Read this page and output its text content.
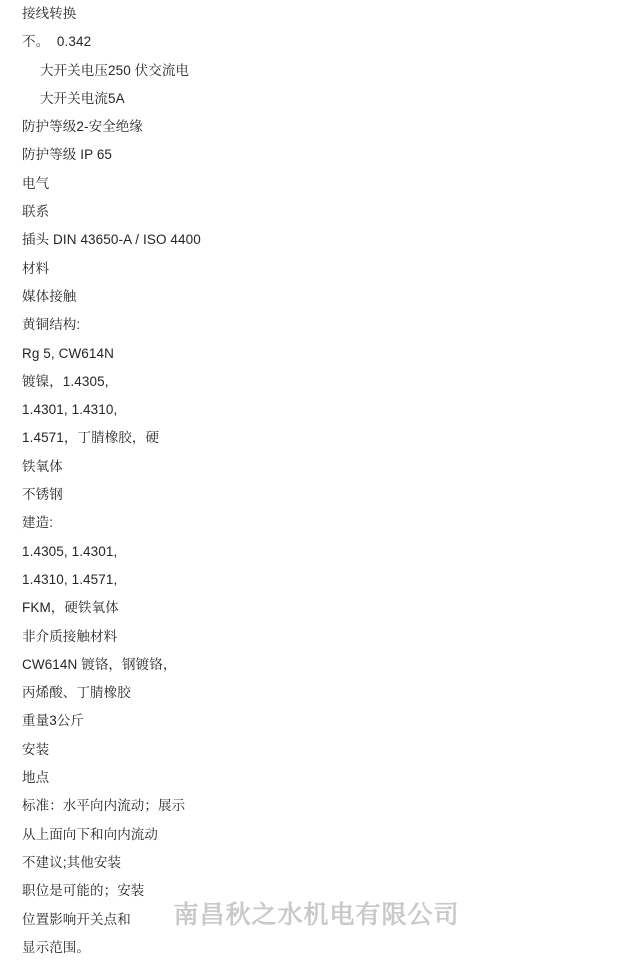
接线转换
不。  0.342
大开关电压250 伏交流电
大开关电流5A
防护等级2-安全绝缘
防护等级 IP 65
电气
联系
插头 DIN 43650-A / ISO 4400
材料
媒体接触
黄铜结构:
Rg 5, CW614N
镀镍，1.4305,
1.4301, 1.4310,
1.4571，丁腈橡胶，硬
铁氧体
不锈钢
建造:
1.4305, 1.4301,
1.4310, 1.4571,
FKM，硬铁氧体
非介质接触材料
CW614N 镀铬，钢镀铬，
丙烯酸、丁腈橡胶
重量3公斤
安装
地点
标准：水平向内流动；展示
从上面向下和向内流动
不建议;其他安装
职位是可能的；安装
位置影响开关点和
显示范围。
南昌秋之水机电有限公司
